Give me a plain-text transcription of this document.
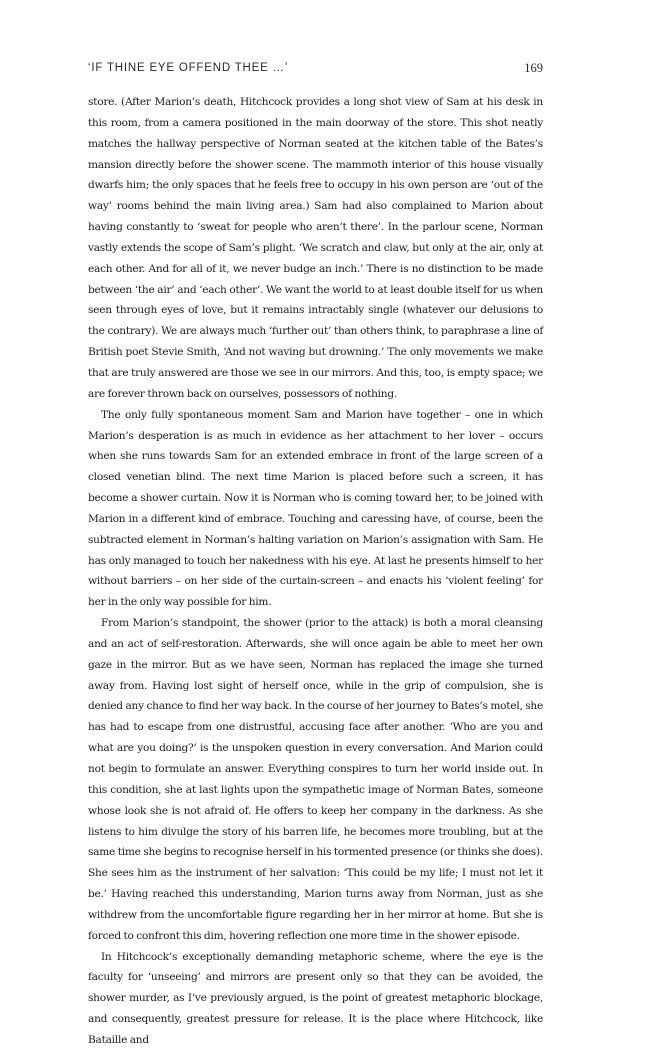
‘IF THINE EYE OFFEND THEE …’	169

store. (After Marion’s death, Hitchcock provides a long shot view of Sam at his desk in this room, from a camera positioned in the main doorway of the store. This shot neatly matches the hallway perspective of Norman seated at the kitchen table of the Bates’s mansion directly before the shower scene. The mammoth interior of this house visually dwarfs him; the only spaces that he feels free to occupy in his own person are ‘out of the way’ rooms behind the main living area.) Sam had also complained to Marion about having constantly to ‘sweat for people who aren’t there’. In the parlour scene, Norman vastly extends the scope of Sam’s plight. ‘We scratch and claw, but only at the air, only at each other. And for all of it, we never budge an inch.’ There is no distinction to be made between ‘the air’ and ‘each other’. We want the world to at least double itself for us when seen through eyes of love, but it remains intractably single (whatever our delusions to the contrary). We are always much ‘further out’ than others think, to paraphrase a line of British poet Stevie Smith, ‘And not waving but drowning.’ The only movements we make that are truly answered are those we see in our mirrors. And this, too, is empty space; we are forever thrown back on ourselves, possessors of nothing.

The only fully spontaneous moment Sam and Marion have together – one in which Marion’s desperation is as much in evidence as her attachment to her lover – occurs when she runs towards Sam for an extended embrace in front of the large screen of a closed venetian blind. The next time Marion is placed before such a screen, it has become a shower curtain. Now it is Norman who is coming toward her, to be joined with Marion in a different kind of embrace. Touching and caressing have, of course, been the subtracted element in Norman’s halting variation on Marion’s assignation with Sam. He has only managed to touch her nakedness with his eye. At last he presents himself to her without barriers – on her side of the curtain-screen – and enacts his ‘violent feeling’ for her in the only way possible for him.

From Marion’s standpoint, the shower (prior to the attack) is both a moral cleansing and an act of self-restoration. Afterwards, she will once again be able to meet her own gaze in the mirror. But as we have seen, Norman has replaced the image she turned away from. Having lost sight of herself once, while in the grip of compulsion, she is denied any chance to find her way back. In the course of her journey to Bates’s motel, she has had to escape from one distrustful, accusing face after another. ‘Who are you and what are you doing?’ is the unspoken question in every conversation. And Marion could not begin to formulate an answer. Everything conspires to turn her world inside out. In this condition, she at last lights upon the sympathetic image of Norman Bates, someone whose look she is not afraid of. He offers to keep her company in the darkness. As she listens to him divulge the story of his barren life, he becomes more troubling, but at the same time she begins to recognise herself in his tormented presence (or thinks she does). She sees him as the instrument of her salvation: ‘This could be my life; I must not let it be.’ Having reached this understanding, Marion turns away from Norman, just as she withdrew from the uncomfortable figure regarding her in her mirror at home. But she is forced to confront this dim, hovering reflection one more time in the shower episode.

In Hitchcock’s exceptionally demanding metaphoric scheme, where the eye is the faculty for ‘unseeing’ and mirrors are present only so that they can be avoided, the shower murder, as I’ve previously argued, is the point of greatest metaphoric blockage, and consequently, greatest pressure for release. It is the place where Hitchcock, like Bataille and
